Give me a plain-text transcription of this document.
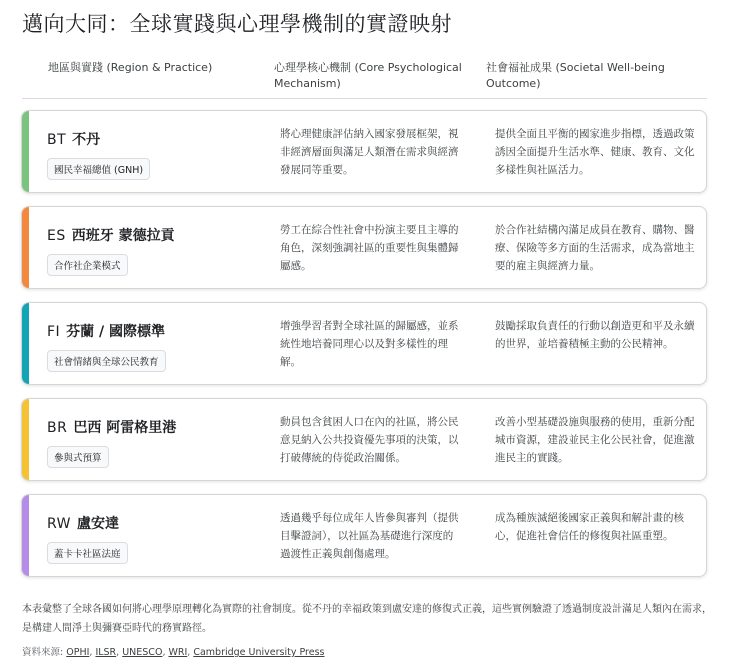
邁向大同：全球實踐與心理學機制的實證映射
地區與實踐 (Region & Practice)	心理學核心機制 (Core Psychological Mechanism)
社會福祉成果 (Societal Well-being Outcome)
BT 不丹
國民幸福總值 (GNH)
將心理健康評估納入國家發展框架，視非經濟層面與滿足人類潛在需求與經濟發展同等重要。
提供全面且平衡的國家進步指標，透過政策誘因全面提升生活水準、健康、教育、文化多樣性與社區活力。
ES 西班牙 蒙德拉貢
合作社企業模式
勞工在綜合性社會中扮演主要且主導的角色，深刻強調社區的重要性與集體歸屬感。
於合作社結構內滿足成員在教育、購物、醫療、保險等多方面的生活需求，成為當地主要的雇主與經濟力量。
FI 芬蘭 / 國際標準
社會情緒與全球公民教育
增強學習者對全球社區的歸屬感，並系統性地培養同理心以及對多樣性的理解。
鼓勵採取負責任的行動以創造更和平及永續的世界，並培養積極主動的公民精神。
BR 巴西 阿雷格里港
參與式預算
動員包含貧困人口在內的社區，將公民意見納入公共投資優先事項的決策，以打破傳統的侍從政治關係。
改善小型基礎設施與服務的使用，重新分配城市資源，建設並民主化公民社會，促進激進民主的實踐。
RW 盧安達
蓋卡卡社區法庭
透過幾乎每位成年人皆參與審判（提供目擊證詞），以社區為基礎進行深度的過渡性正義與創傷處理。
成為種族滅絕後國家正義與和解計畫的核心，促進社會信任的修復與社區重塑。
本表彙整了全球各國如何將心理學原理轉化為實際的社會制度。從不丹的幸福政策到盧安達的修復式正義，這些實例驗證了透過制度設計滿足人類內在需求，是構建人間淨土與彌賽亞時代的務實路徑。
資料來源: OPHI, ILSR, UNESCO, WRI, Cambridge University Press
